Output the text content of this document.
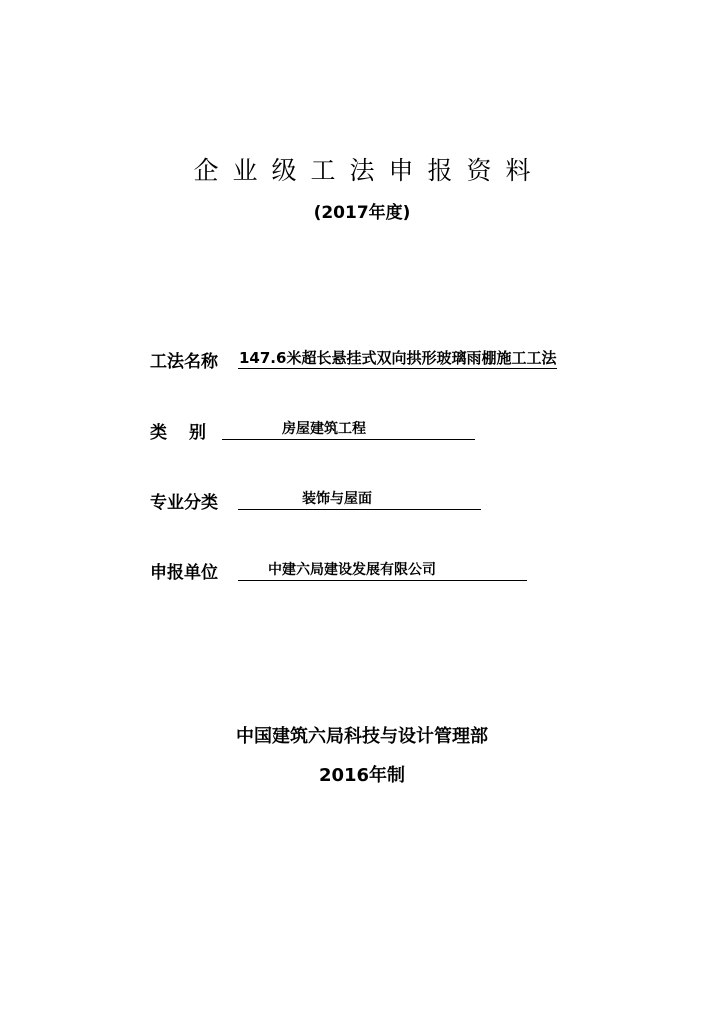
企业级工法申报资料
(2017年度)
工法名称 147.6米超长悬挂式双向拱形玻璃雨棚施工工法
类 别	房屋建筑工程

专业分类	装饰与屋面

申报单位	中建六局建设发展有限公司

中国建筑六局科技与设计管理部
2016年制
